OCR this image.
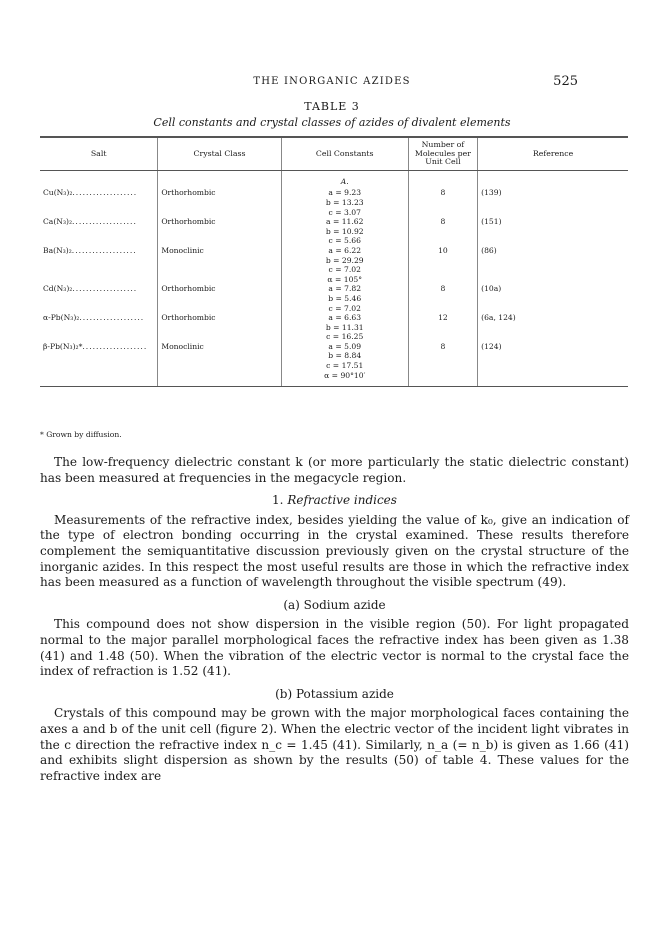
THE INORGANIC AZIDES	525
TABLE 3
Cell constants and crystal classes of azides of divalent elements
Salt	Crystal Class	Cell Constants	Number of
Molecules per
Unit Cell	Reference
		A.		
Cu(N₃)₂...................	Orthorhombic	a = 9.23
b = 13.23
c = 3.07	8	(139)
Ca(N₃)₂...................	Orthorhombic	a = 11.62
b = 10.92
c = 5.66	8	(151)
Ba(N₃)₂...................	Monoclinic	a = 6.22
b = 29.29
c = 7.02
α = 105°	10	(86)
Cd(N₃)₂...................	Orthorhombic	a = 7.82
b = 5.46
c = 7.02	8	(10a)
α-Pb(N₃)₂...................	Orthorhombic	a = 6.63
b = 11.31
c = 16.25	12	(6a, 124)
β-Pb(N₃)₂*...................	Monoclinic	a = 5.09
b = 8.84
c = 17.51
α = 90°10′	8	(124)
* Grown by diffusion.

The low-frequency dielectric constant k (or more particularly the static dielectric constant) has been measured at frequencies in the megacycle region.

1. Refractive indices

Measurements of the refractive index, besides yielding the value of k₀, give an indication of the type of electron bonding occurring in the crystal examined. These results therefore complement the semiquantitative discussion previously given on the crystal structure of the inorganic azides. In this respect the most useful results are those in which the refractive index has been measured as a function of wavelength throughout the visible spectrum (49).

(a) Sodium azide

This compound does not show dispersion in the visible region (50). For light propagated normal to the major parallel morphological faces the refractive index has been given as 1.38 (41) and 1.48 (50). When the vibration of the electric vector is normal to the crystal face the index of refraction is 1.52 (41).

(b) Potassium azide

Crystals of this compound may be grown with the major morphological faces containing the axes a and b of the unit cell (figure 2). When the electric vector of the incident light vibrates in the c direction the refractive index n_c = 1.45 (41). Similarly, n_a (= n_b) is given as 1.66 (41) and exhibits slight dispersion as shown by the results (50) of table 4. These values for the refractive index are
